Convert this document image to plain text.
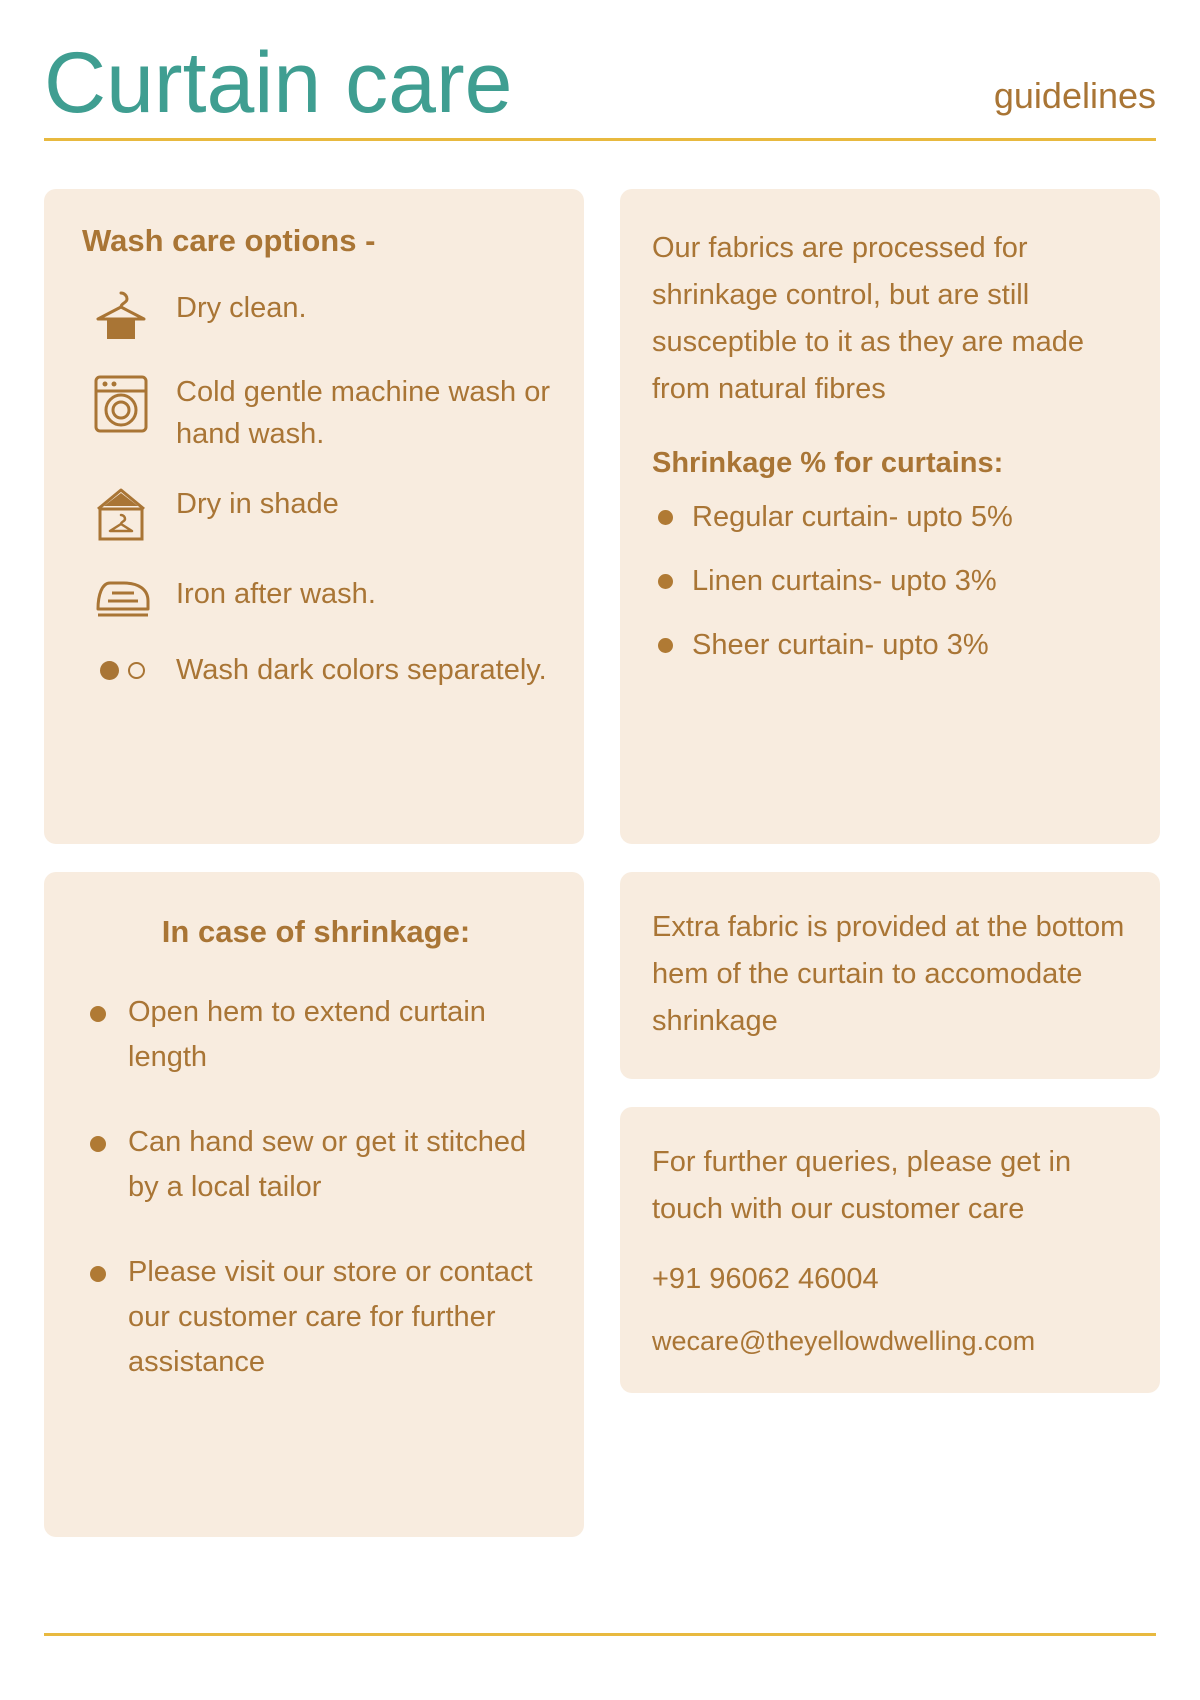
Curtain care	guidelines
Wash care options -
Dry clean.
Cold gentle machine wash or hand wash.
Dry in shade
Iron after wash.
Wash dark colors separately.

Our fabrics are processed for shrinkage control, but are still susceptible to it as they are made from natural fibres

Shrinkage % for curtains:
Regular curtain- upto 5%
Linen curtains- upto 3%
Sheer curtain- upto 3%
In case of shrinkage:
Open hem to extend curtain length
Can hand sew or get it stitched by a local tailor
Please visit our store or contact our customer care for further assistance

Extra fabric is provided at the bottom hem of the curtain to accomodate shrinkage

For further queries, please get in touch with our customer care

+91 96062 46004
wecare@theyellowdwelling.com
